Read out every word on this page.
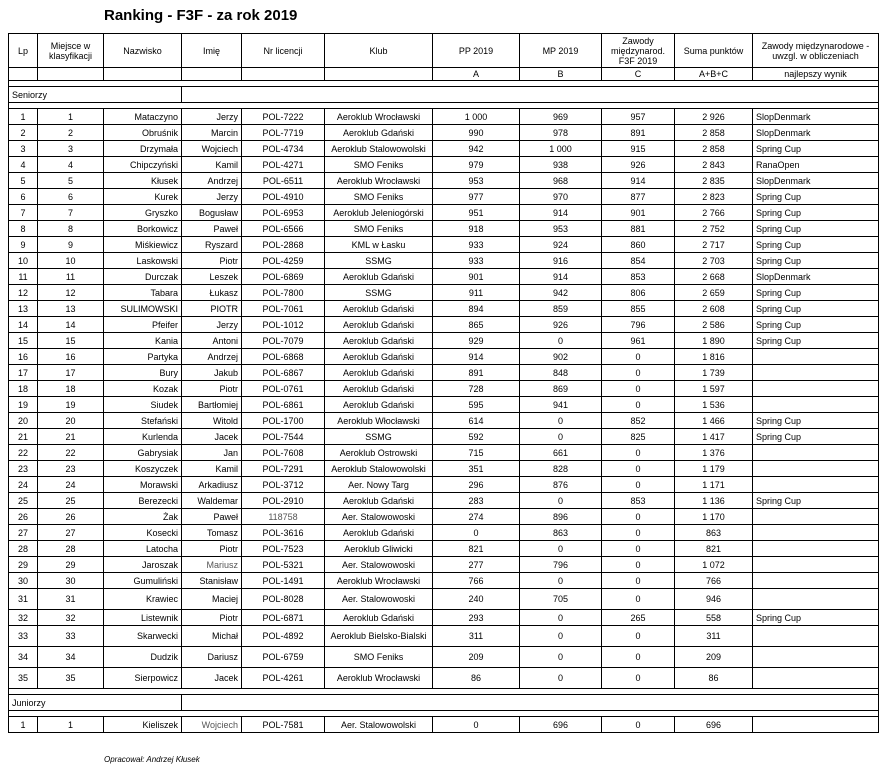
Ranking - F3F - za rok 2019
Lp	Miejsce w klasyfikacji	Nazwisko	Imię	Nr licencji	Klub	PP 2019	MP 2019	Zawody międzynarod. F3F 2019	Suma punktów	Zawody międzynarodowe - uwzgl. w obliczeniach
						A	B	C	A+B+C	najlepszy wynik

Seniorzy										

1	1	Mataczyno	Jerzy	POL-7222	Aeroklub Wrocławski	1 000	969	957	2 926	SlopDenmark
2	2	Obruśnik	Marcin	POL-7719	Aeroklub Gdański	990	978	891	2 858	SlopDenmark
3	3	Drzymała	Wojciech	POL-4734	Aeroklub Stalowowolski	942	1 000	915	2 858	Spring Cup
4	4	Chipczyński	Kamil	POL-4271	SMO Feniks	979	938	926	2 843	RanaOpen
5	5	Kłusek	Andrzej	POL-6511	Aeroklub Wrocławski	953	968	914	2 835	SlopDenmark
6	6	Kurek	Jerzy	POL-4910	SMO Feniks	977	970	877	2 823	Spring Cup
7	7	Gryszko	Bogusław	POL-6953	Aeroklub Jeleniogórski	951	914	901	2 766	Spring Cup
8	8	Borkowicz	Paweł	POL-6566	SMO Feniks	918	953	881	2 752	Spring Cup
9	9	Miśkiewicz	Ryszard	POL-2868	KML w Łasku	933	924	860	2 717	Spring Cup
10	10	Laskowski	Piotr	POL-4259	SSMG	933	916	854	2 703	Spring Cup
11	11	Durczak	Leszek	POL-6869	Aeroklub Gdański	901	914	853	2 668	SlopDenmark
12	12	Tabara	Łukasz	POL-7800	SSMG	911	942	806	2 659	Spring Cup
13	13	SULIMOWSKI	PIOTR	POL-7061	Aeroklub Gdański	894	859	855	2 608	Spring Cup
14	14	Pfeifer	Jerzy	POL-1012	Aeroklub Gdański	865	926	796	2 586	Spring Cup
15	15	Kania	Antoni	POL-7079	Aeroklub Gdański	929	0	961	1 890	Spring Cup
16	16	Partyka	Andrzej	POL-6868	Aeroklub Gdański	914	902	0	1 816	
17	17	Bury	Jakub	POL-6867	Aeroklub Gdański	891	848	0	1 739	
18	18	Kozak	Piotr	POL-0761	Aeroklub Gdański	728	869	0	1 597	
19	19	Siudek	Bartłomiej	POL-6861	Aeroklub Gdański	595	941	0	1 536	
20	20	Stefański	Witold	POL-1700	Aeroklub Włocławski	614	0	852	1 466	Spring Cup
21	21	Kurlenda	Jacek	POL-7544	SSMG	592	0	825	1 417	Spring Cup
22	22	Gabrysiak	Jan	POL-7608	Aeroklub Ostrowski	715	661	0	1 376	
23	23	Koszyczek	Kamil	POL-7291	Aeroklub Stalowowolski	351	828	0	1 179	
24	24	Morawski	Arkadiusz	POL-3712	Aer. Nowy Targ	296	876	0	1 171	
25	25	Berezecki	Waldemar	POL-2910	Aeroklub Gdański	283	0	853	1 136	Spring Cup
26	26	Żak	Paweł	118758	Aer. Stalowowoski	274	896	0	1 170	
27	27	Kosecki	Tomasz	POL-3616	Aeroklub Gdański	0	863	0	863	
28	28	Latocha	Piotr	POL-7523	Aeroklub Gliwicki	821	0	0	821	
29	29	Jaroszak	Mariusz	POL-5321	Aer. Stalowowoski	277	796	0	1 072	
30	30	Gumuliński	Stanisław	POL-1491	Aeroklub Wrocławski	766	0	0	766	
31	31	Krawiec	Maciej	POL-8028	Aer. Stalowowoski	240	705	0	946	
32	32	Listewnik	Piotr	POL-6871	Aeroklub Gdański	293	0	265	558	Spring Cup
33	33	Skarwecki	Michał	POL-4892	Aeroklub Bielsko-Bialski	311	0	0	311	
34	34	Dudzik	Dariusz	POL-6759	SMO Feniks	209	0	0	209	
35	35	Sierpowicz	Jacek	POL-4261	Aeroklub Wrocławski	86	0	0	86	

Juniorzy										

1	1	Kieliszek	Wojciech	POL-7581	Aer. Stalowowolski	0	696	0	696	
Opracował: Andrzej Kłusek
